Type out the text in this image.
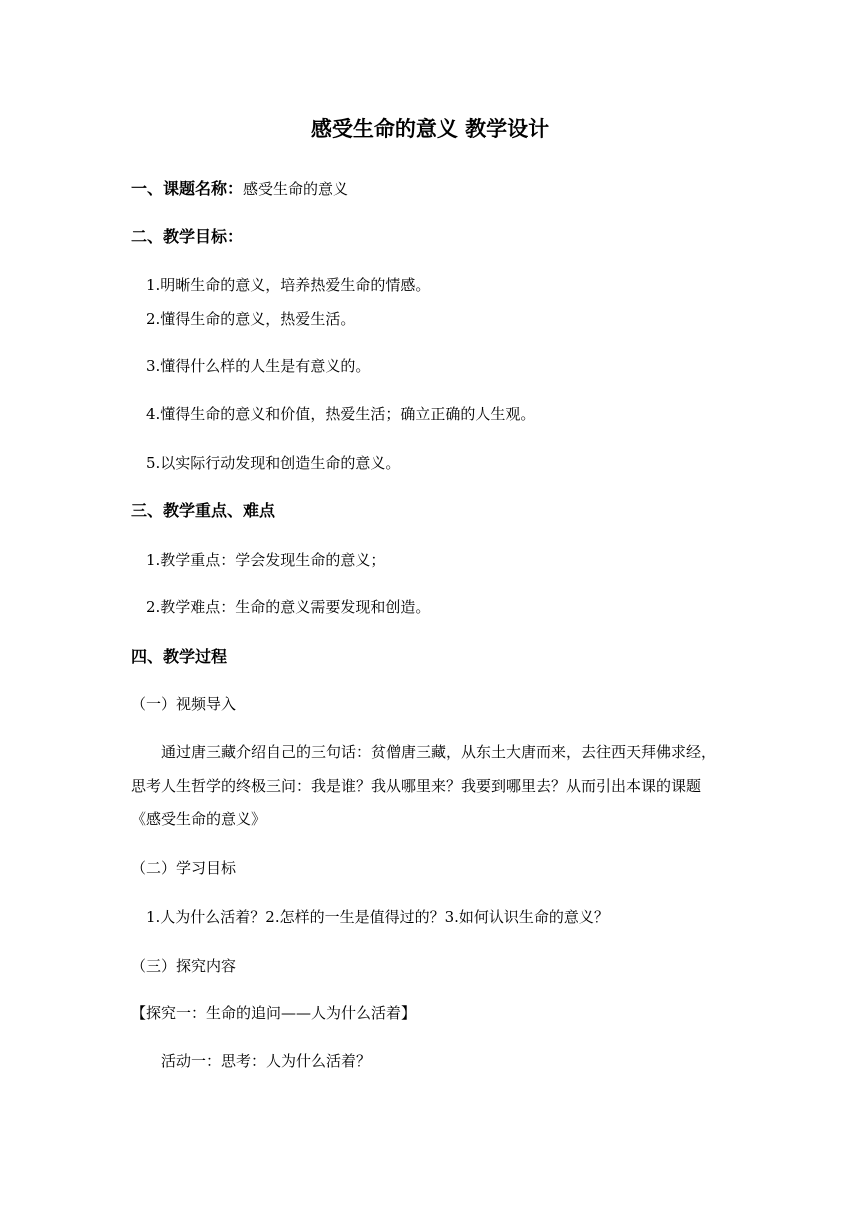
感受生命的意义 教学设计
一、课题名称：感受生命的意义
二、教学目标：
1.明晰生命的意义，培养热爱生命的情感。
2.懂得生命的意义，热爱生活。
3.懂得什么样的人生是有意义的。
4.懂得生命的意义和价值，热爱生活；确立正确的人生观。
5.以实际行动发现和创造生命的意义。
三、教学重点、难点
1.教学重点：学会发现生命的意义；
2.教学难点：生命的意义需要发现和创造。
四、教学过程
（一）视频导入
通过唐三藏介绍自己的三句话：贫僧唐三藏，从东土大唐而来，去往西天拜佛求经，
思考人生哲学的终极三问：我是谁？我从哪里来？我要到哪里去？从而引出本课的课题
《感受生命的意义》
（二）学习目标
1.人为什么活着？2.怎样的一生是值得过的？3.如何认识生命的意义？
（三）探究内容
【探究一：生命的追问——人为什么活着】
活动一：思考：人为什么活着？
